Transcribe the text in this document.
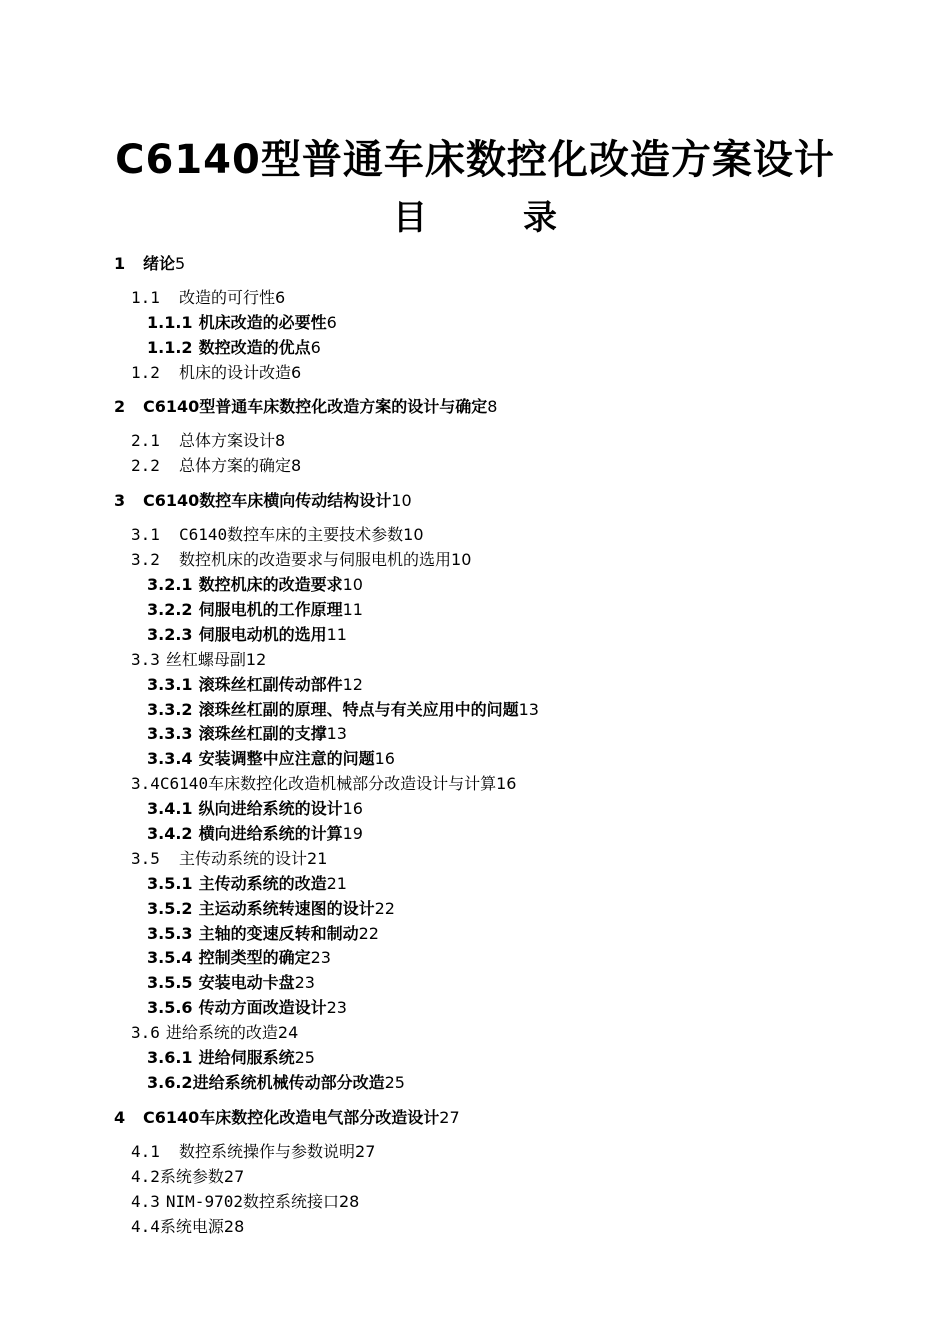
C6140型普通车床数控化改造方案设计
目	录
1 绪论5
1.1 改造的可行性6
1.1.1 机床改造的必要性6
1.1.2 数控改造的优点6
1.2 机床的设计改造6
2 C6140型普通车床数控化改造方案的设计与确定8
2.1 总体方案设计8
2.2 总体方案的确定8
3 C6140数控车床横向传动结构设计10
3.1 C6140数控车床的主要技术参数10
3.2 数控机床的改造要求与伺服电机的选用10
3.2.1 数控机床的改造要求10
3.2.2 伺服电机的工作原理11
3.2.3 伺服电动机的选用11
3.3 丝杠螺母副12
3.3.1 滚珠丝杠副传动部件12
3.3.2 滚珠丝杠副的原理、特点与有关应用中的问题13
3.3.3 滚珠丝杠副的支撑13
3.3.4 安装调整中应注意的问题16
3.4C6140车床数控化改造机械部分改造设计与计算16
3.4.1 纵向进给系统的设计16
3.4.2 横向进给系统的计算19
3.5 主传动系统的设计21
3.5.1 主传动系统的改造21
3.5.2 主运动系统转速图的设计22
3.5.3 主轴的变速反转和制动22
3.5.4 控制类型的确定23
3.5.5 安装电动卡盘23
3.5.6 传动方面改造设计23
3.6 进给系统的改造24
3.6.1 进给伺服系统25
3.6.2进给系统机械传动部分改造25
4 C6140车床数控化改造电气部分改造设计27
4.1 数控系统操作与参数说明27
4.2系统参数27
4.3 NIM-9702数控系统接口28
4.4系统电源28
